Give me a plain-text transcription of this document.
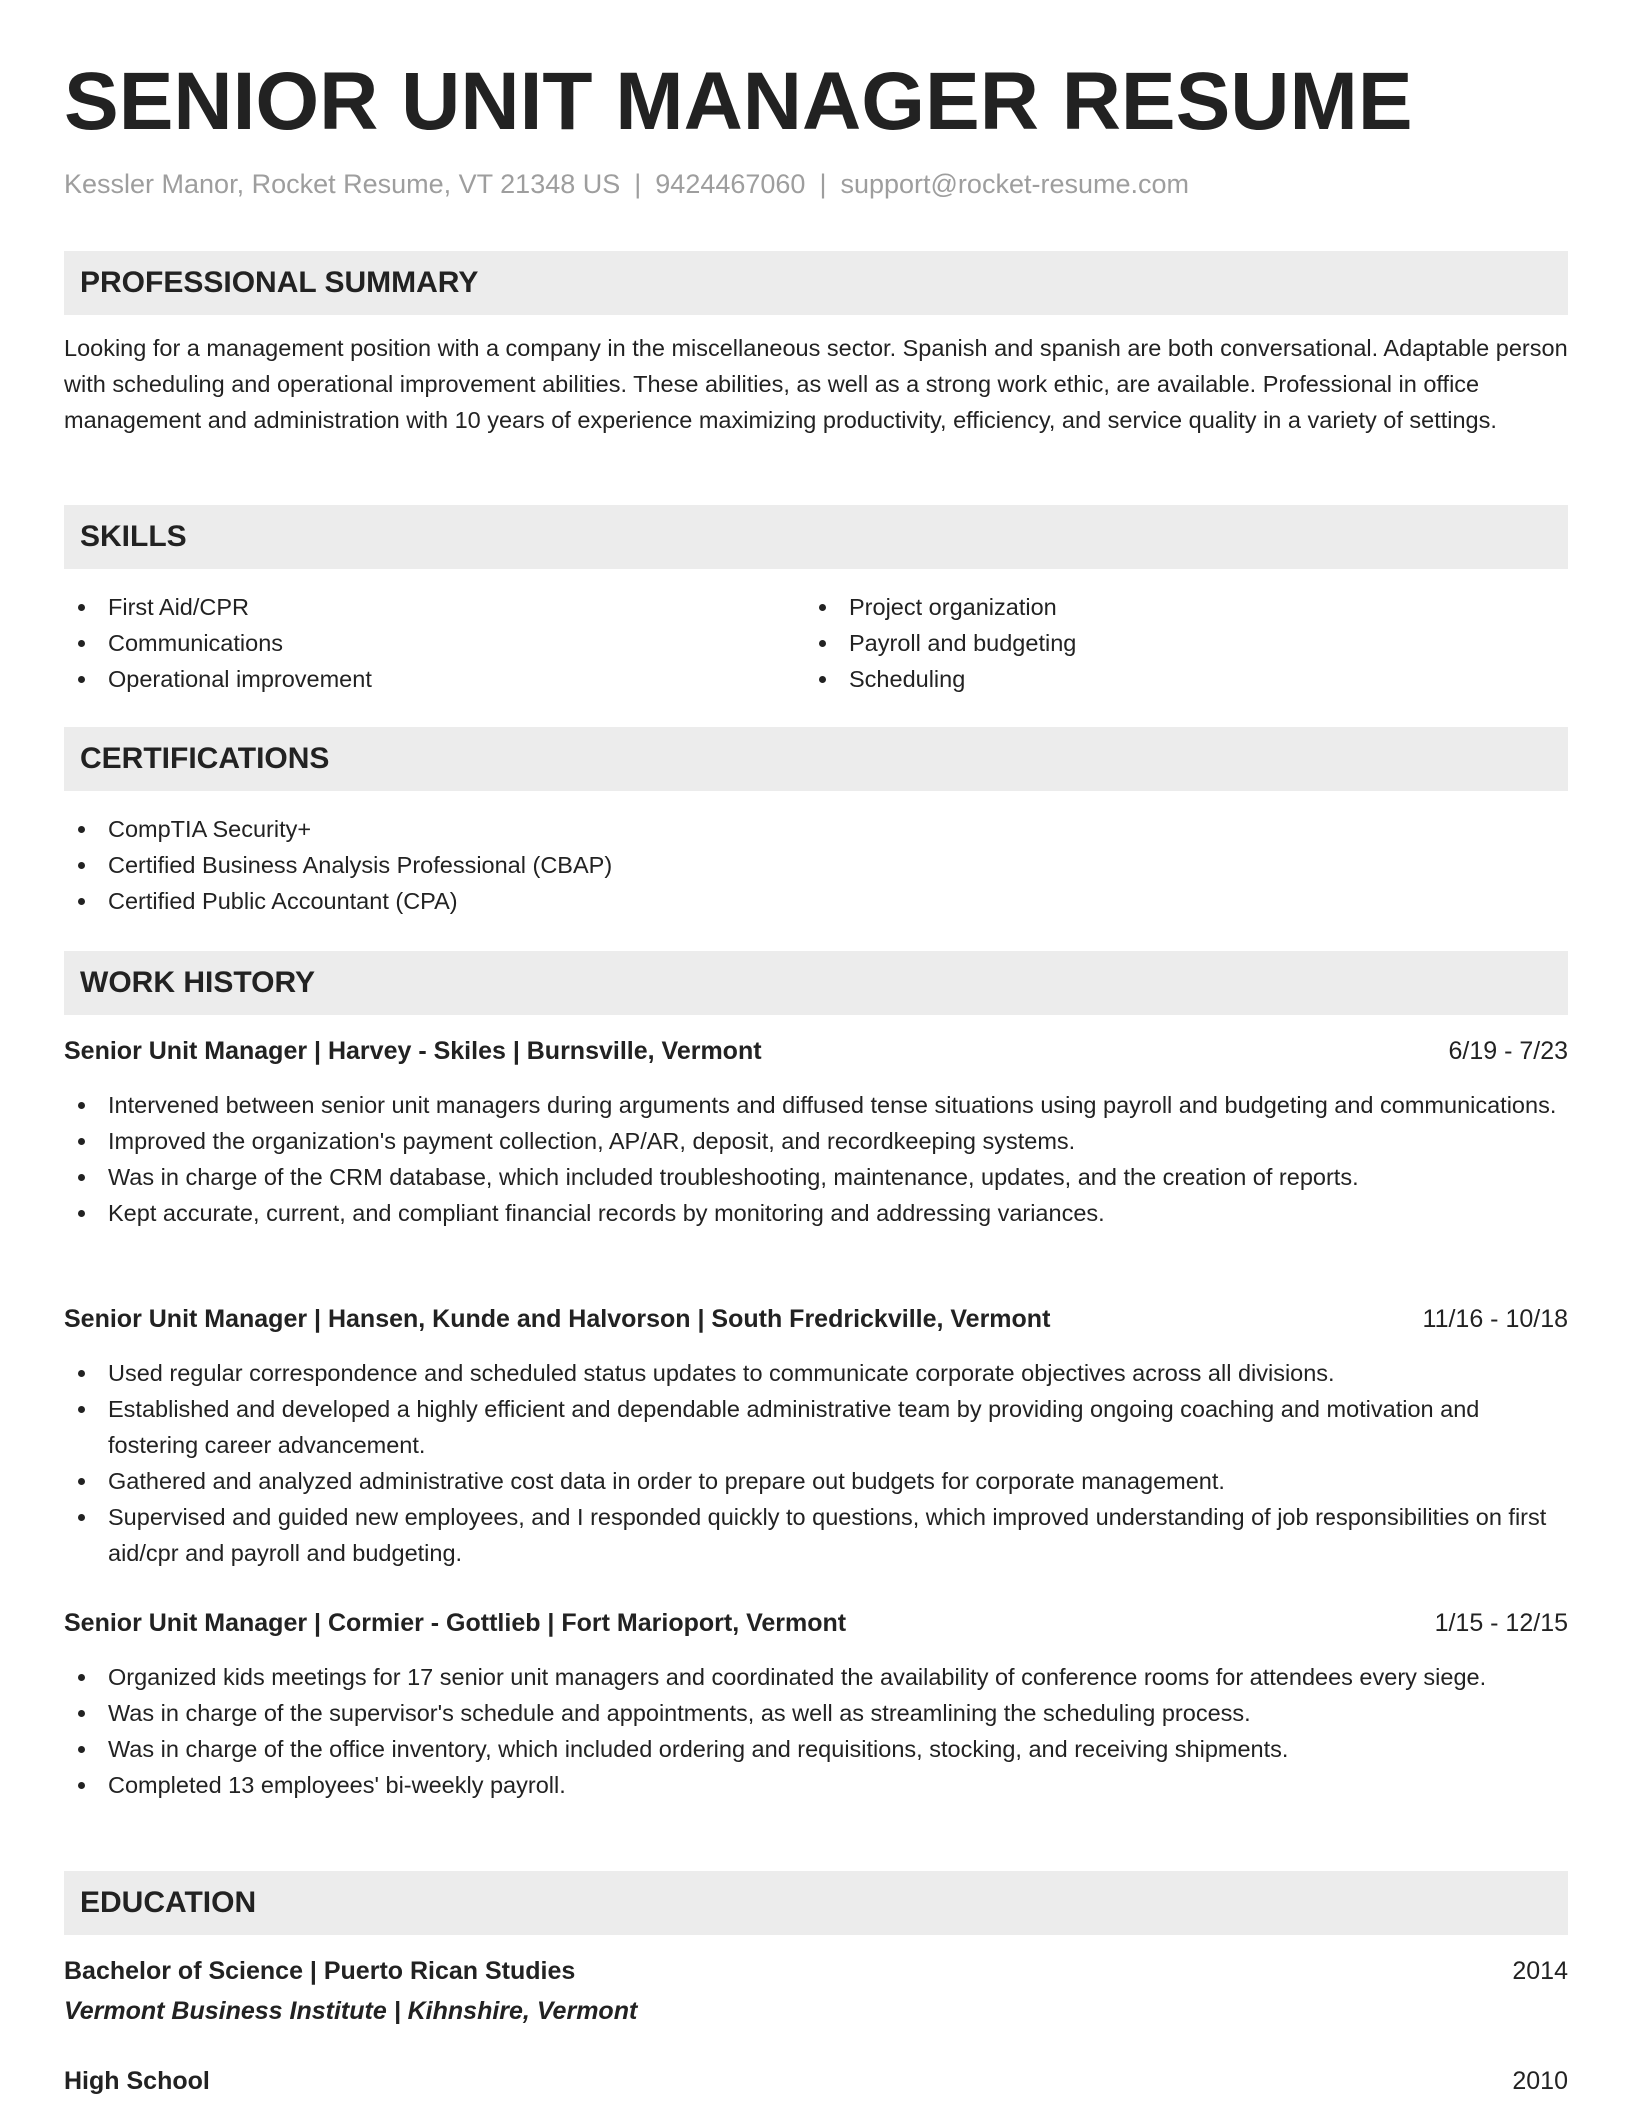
SENIOR UNIT MANAGER RESUME
Kessler Manor, Rocket Resume, VT 21348 US | 9424467060 | support@rocket-resume.com
PROFESSIONAL SUMMARY
Looking for a management position with a company in the miscellaneous sector. Spanish and spanish are both conversational. Adaptable person with scheduling and operational improvement abilities. These abilities, as well as a strong work ethic, are available. Professional in office management and administration with 10 years of experience maximizing productivity, efficiency, and service quality in a variety of settings.
SKILLS
First Aid/CPR
Communications
Operational improvement
Project organization
Payroll and budgeting
Scheduling
CERTIFICATIONS
CompTIA Security+
Certified Business Analysis Professional (CBAP)
Certified Public Accountant (CPA)
WORK HISTORY
Senior Unit Manager | Harvey - Skiles | Burnsville, Vermont	6/19 - 7/23
Intervened between senior unit managers during arguments and diffused tense situations using payroll and budgeting and communications.
Improved the organization's payment collection, AP/AR, deposit, and recordkeeping systems.
Was in charge of the CRM database, which included troubleshooting, maintenance, updates, and the creation of reports.
Kept accurate, current, and compliant financial records by monitoring and addressing variances.
Senior Unit Manager | Hansen, Kunde and Halvorson | South Fredrickville, Vermont	11/16 - 10/18
Used regular correspondence and scheduled status updates to communicate corporate objectives across all divisions.
Established and developed a highly efficient and dependable administrative team by providing ongoing coaching and motivation and fostering career advancement.
Gathered and analyzed administrative cost data in order to prepare out budgets for corporate management.
Supervised and guided new employees, and I responded quickly to questions, which improved understanding of job responsibilities on first aid/cpr and payroll and budgeting.
Senior Unit Manager | Cormier - Gottlieb | Fort Marioport, Vermont	1/15 - 12/15
Organized kids meetings for 17 senior unit managers and coordinated the availability of conference rooms for attendees every siege.
Was in charge of the supervisor's schedule and appointments, as well as streamlining the scheduling process.
Was in charge of the office inventory, which included ordering and requisitions, stocking, and receiving shipments.
Completed 13 employees' bi-weekly payroll.
EDUCATION
Bachelor of Science | Puerto Rican Studies	2014
Vermont Business Institute | Kihnshire, Vermont
High School	2010
